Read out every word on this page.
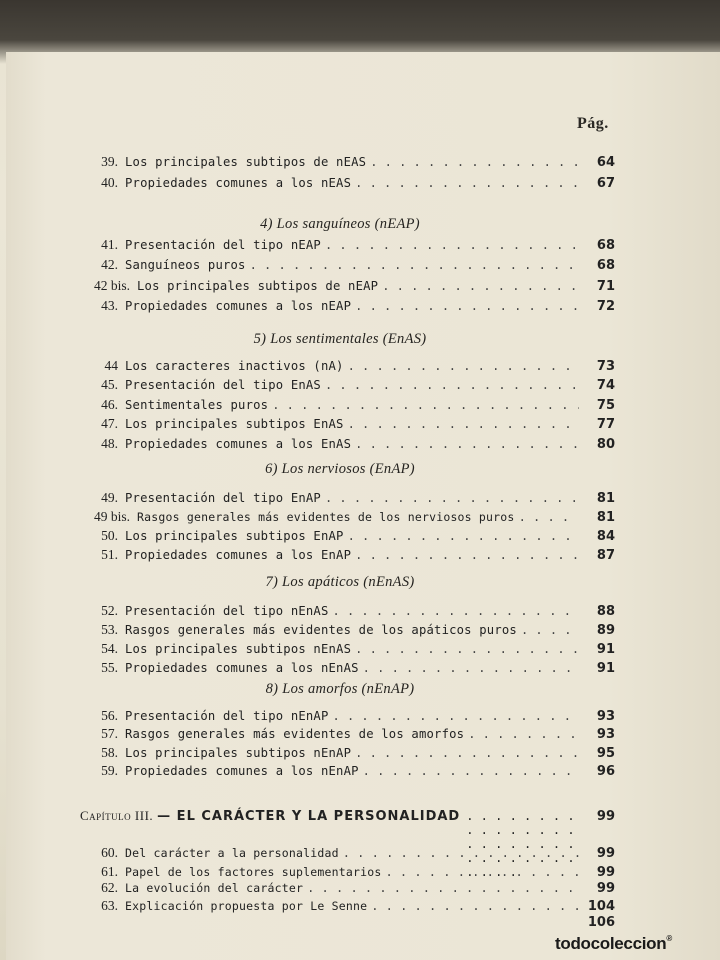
Pág.
39. Los principales subtipos de nEAS . . .	64
40. Propiedades comunes a los nEAS . . .	67
4) Los sanguíneos (nEAP)
41. Presentación del tipo nEAP . . .	68
42. Sanguíneos puros . . .	68
42 bis. Los principales subtipos de nEAP . . .	71
43. Propiedades comunes a los nEAP . . .	72
5) Los sentimentales (EnAS)
44 Los caracteres inactivos (nA) . . .	73
45. Presentación del tipo EnAS . . .	74
46. Sentimentales puros . . .	75
47. Los principales subtipos EnAS . . .	77
48. Propiedades comunes a los EnAS . . .	80
6) Los nerviosos (EnAP)
49. Presentación del tipo EnAP . . .	81
49 bis. Rasgos generales más evidentes de los nerviosos puros . . .	81
50. Los principales subtipos EnAP . . .	84
51. Propiedades comunes a los EnAP . . .	87
7) Los apáticos (nEnAS)
52. Presentación del tipo nEnAS . . .	88
53. Rasgos generales más evidentes de los apáticos puros . . .	89
54. Los principales subtipos nEnAS . . .	91
55. Propiedades comunes a los nEnAS . . .	91
8) Los amorfos (nEnAP)
56. Presentación del tipo nEnAP . . .	93
57. Rasgos generales más evidentes de los amorfos . . .	93
58. Los principales subtipos nEnAP . . .	95
59. Propiedades comunes a los nEnAP . . .	96
Capítulo III. — EL CARÁCTER Y LA PERSONALIDAD . . .	99
60. Del carácter a la personalidad . . .	99
61. Papel de los factores suplementarios . . .	99
62. La evolución del carácter . . .	99
63. Explicación propuesta por Le Senne . . .	104
106
todocoleccion®
